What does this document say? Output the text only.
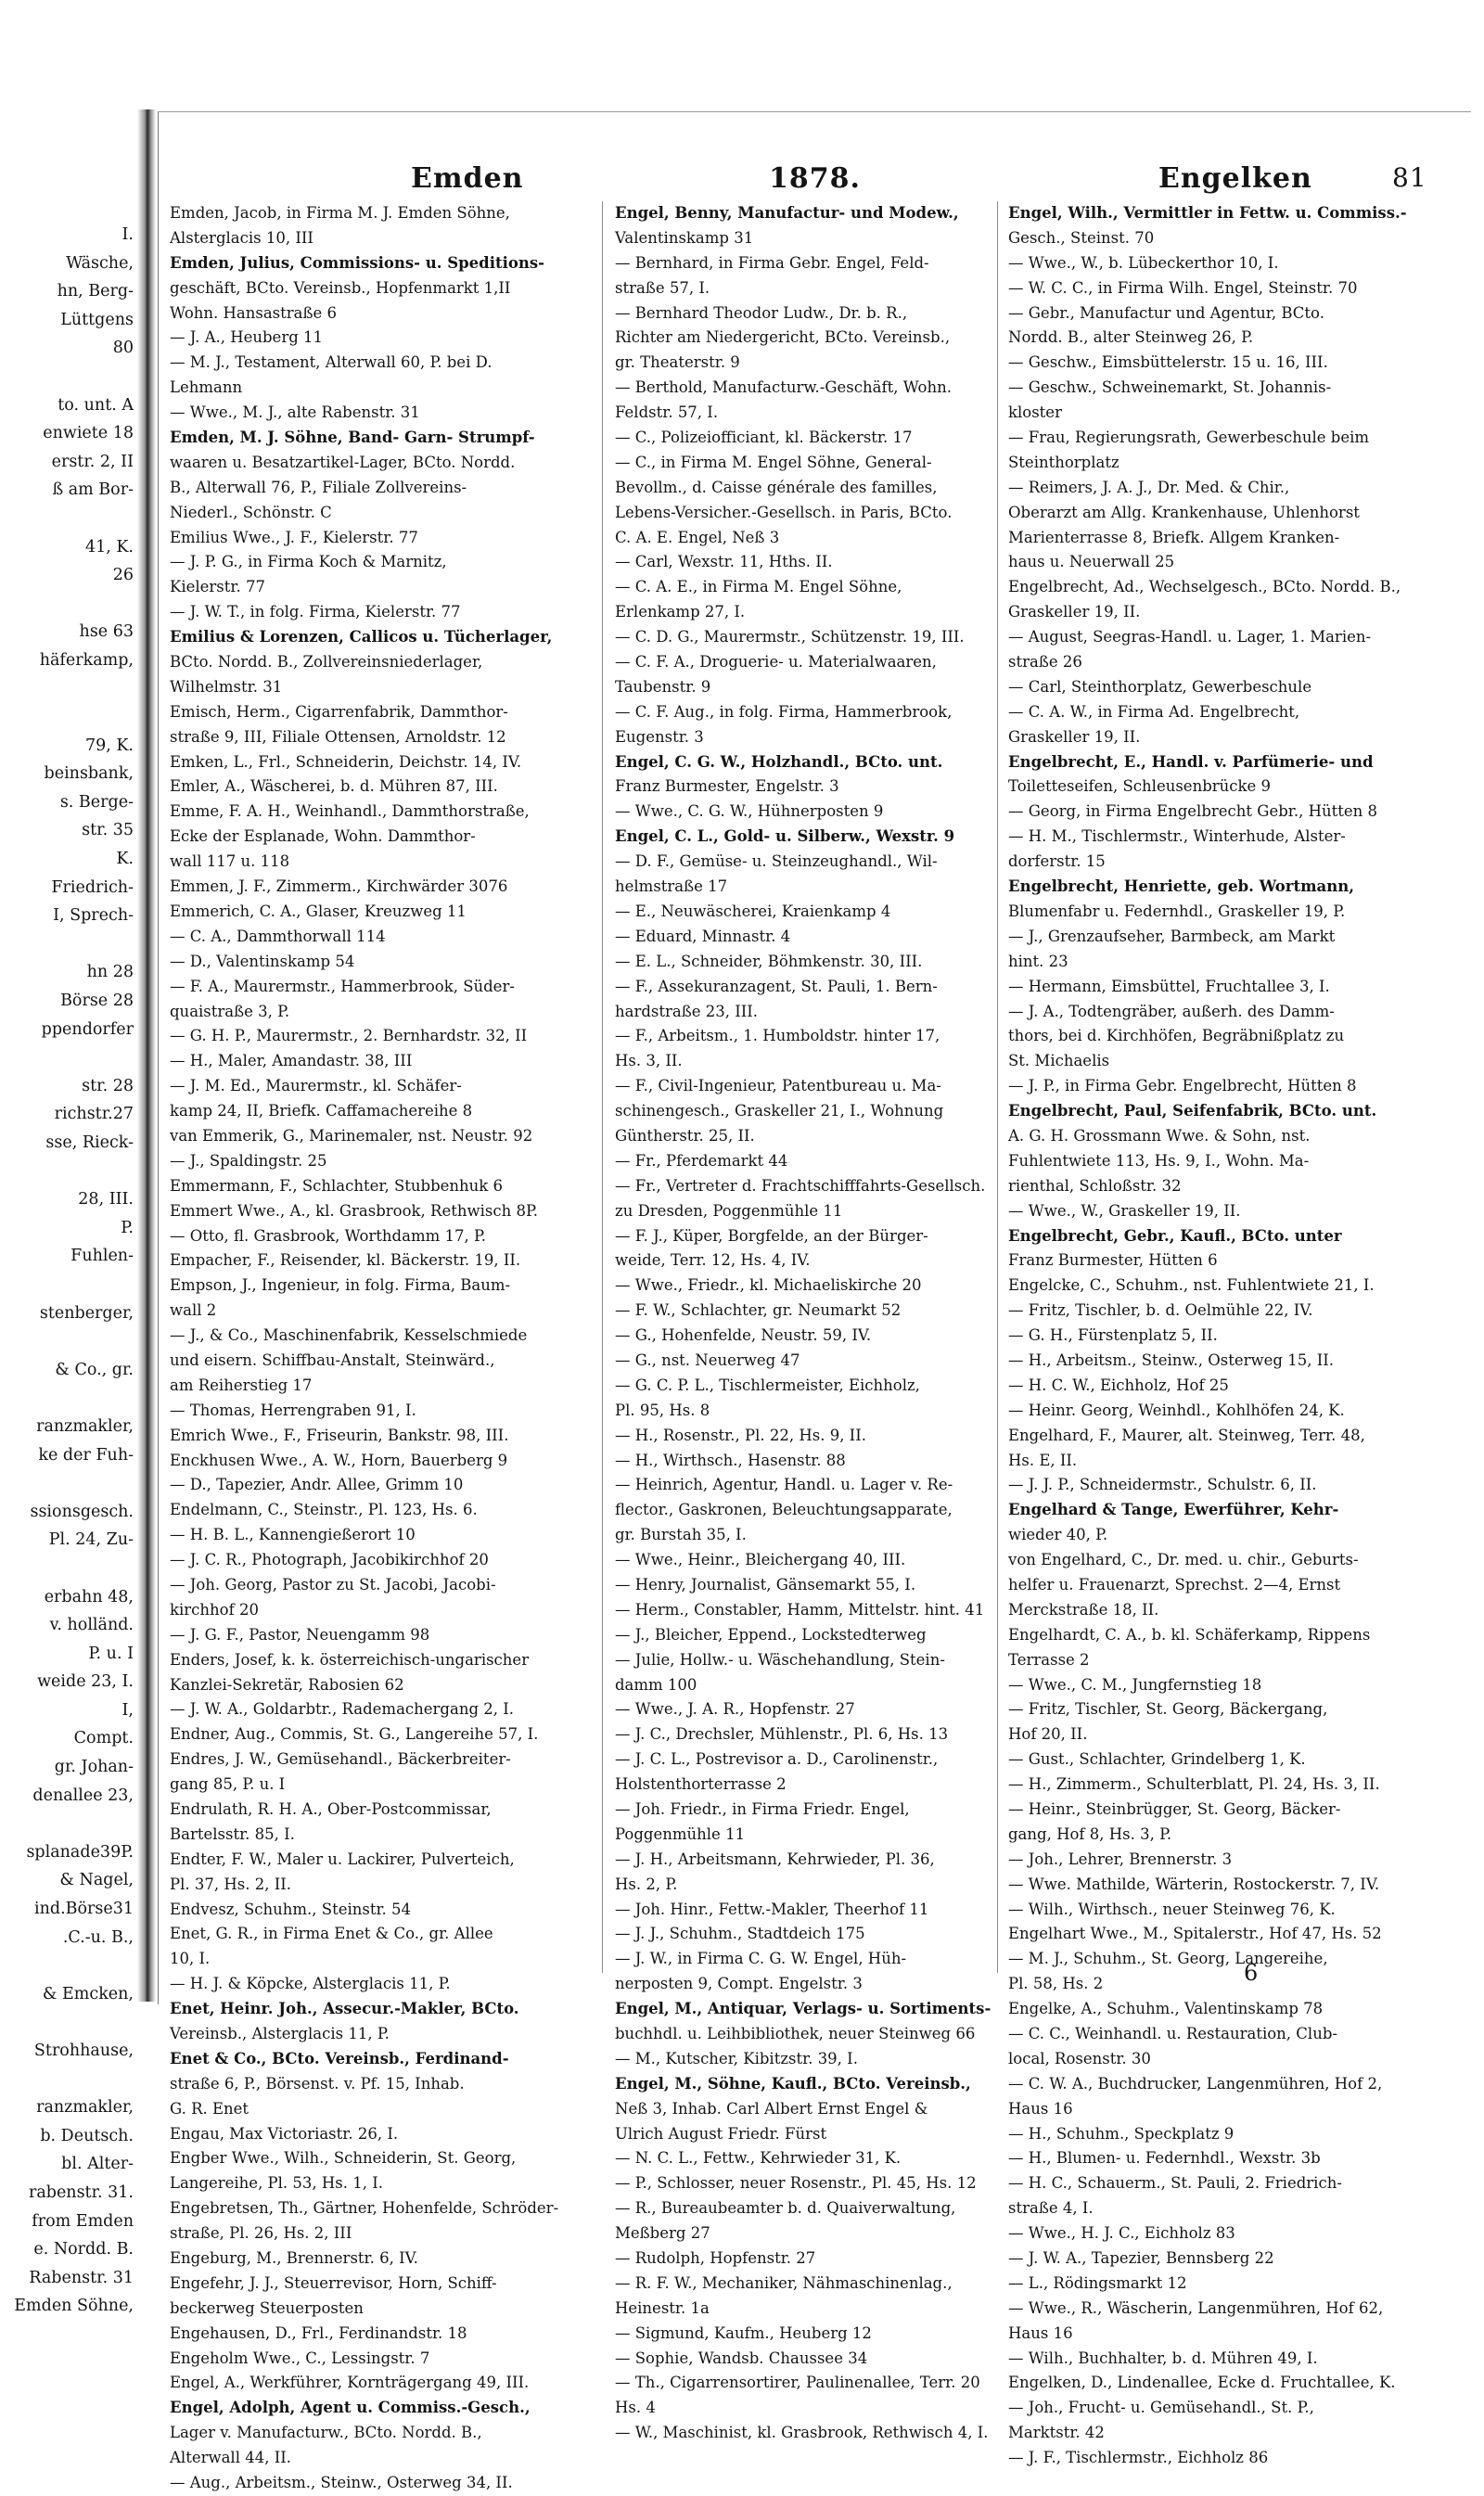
I.
Wäsche,
hn, Berg-
Lüttgens
80
to. unt. A
enwiete 18
erstr. 2, II
ß am Bor-
41, K.
26
hse 63
häferkamp,
79, K.
beinsbank,
s. Berge-
str. 35
K.
Friedrich-
I, Sprech-
hn 28
Börse 28
ppendorfer
str. 28
richstr.27
sse, Rieck-
28, III.
P.
Fuhlen-
stenberger,
& Co., gr.
ranzmakler,
ke der Fuh-
ssionsgesch.
Pl. 24, Zu-
erbahn 48,
v. holländ.
P. u. I
weide 23, I.
I,
Compt.
gr. Johan-
denallee 23,
splanade39P.
& Nagel,
ind.Börse31
.C.-u. B.,
& Emcken,
Strohhause,
ranzmakler,
b. Deutsch.
bl. Alter-
rabenstr. 31.
from Emden
e. Nordd. B.
Rabenstr. 31
Emden Söhne,
Emden	1878.	Engelken	81
Emden, Jacob, in Firma M. J. Emden Söhne,
Alsterglacis 10, III
Emden, Julius, Commissions- u. Speditions-
geschäft, BCto. Vereinsb., Hopfenmarkt 1,II
Wohn. Hansastraße 6
— J. A., Heuberg 11
— M. J., Testament, Alterwall 60, P. bei D.
Lehmann
— Wwe., M. J., alte Rabenstr. 31
Emden, M. J. Söhne, Band- Garn- Strumpf-
waaren u. Besatzartikel-Lager, BCto. Nordd.
B., Alterwall 76, P., Filiale Zollvereins-
Niederl., Schönstr. C
Emilius Wwe., J. F., Kielerstr. 77
— J. P. G., in Firma Koch & Marnitz,
Kielerstr. 77
— J. W. T., in folg. Firma, Kielerstr. 77
Emilius & Lorenzen, Callicos u. Tücherlager,
BCto. Nordd. B., Zollvereinsniederlager,
Wilhelmstr. 31
Emisch, Herm., Cigarrenfabrik, Dammthor-
straße 9, III, Filiale Ottensen, Arnoldstr. 12
Emken, L., Frl., Schneiderin, Deichstr. 14, IV.
Emler, A., Wäscherei, b. d. Mühren 87, III.
Emme, F. A. H., Weinhandl., Dammthorstraße,
Ecke der Esplanade, Wohn. Dammthor-
wall 117 u. 118
Emmen, J. F., Zimmerm., Kirchwärder 3076
Emmerich, C. A., Glaser, Kreuzweg 11
— C. A., Dammthorwall 114
— D., Valentinskamp 54
— F. A., Maurermstr., Hammerbrook, Süder-
quaistraße 3, P.
— G. H. P., Maurermstr., 2. Bernhardstr. 32, II
— H., Maler, Amandastr. 38, III
— J. M. Ed., Maurermstr., kl. Schäfer-
kamp 24, II, Briefk. Caffamachereihe 8
van Emmerik, G., Marinemaler, nst. Neustr. 92
— J., Spaldingstr. 25
Emmermann, F., Schlachter, Stubbenhuk 6
Emmert Wwe., A., kl. Grasbrook, Rethwisch 8P.
— Otto, fl. Grasbrook, Worthdamm 17, P.
Empacher, F., Reisender, kl. Bäckerstr. 19, II.
Empson, J., Ingenieur, in folg. Firma, Baum-
wall 2
— J., & Co., Maschinenfabrik, Kesselschmiede
und eisern. Schiffbau-Anstalt, Steinwärd.,
am Reiherstieg 17
— Thomas, Herrengraben 91, I.
Emrich Wwe., F., Friseurin, Bankstr. 98, III.
Enckhusen Wwe., A. W., Horn, Bauerberg 9
— D., Tapezier, Andr. Allee, Grimm 10
Endelmann, C., Steinstr., Pl. 123, Hs. 6.
— H. B. L., Kannengießerort 10
— J. C. R., Photograph, Jacobikirchhof 20
— Joh. Georg, Pastor zu St. Jacobi, Jacobi-
kirchhof 20
— J. G. F., Pastor, Neuengamm 98
Enders, Josef, k. k. österreichisch-ungarischer
Kanzlei-Sekretär, Rabosien 62
— J. W. A., Goldarbtr., Rademachergang 2, I.
Endner, Aug., Commis, St. G., Langereihe 57, I.
Endres, J. W., Gemüsehandl., Bäckerbreiter-
gang 85, P. u. I
Endrulath, R. H. A., Ober-Postcommissar,
Bartelsstr. 85, I.
Endter, F. W., Maler u. Lackirer, Pulverteich,
Pl. 37, Hs. 2, II.
Endvesz, Schuhm., Steinstr. 54
Enet, G. R., in Firma Enet & Co., gr. Allee
10, I.
— H. J. & Köpcke, Alsterglacis 11, P.
Enet, Heinr. Joh., Assecur.-Makler, BCto.
Vereinsb., Alsterglacis 11, P.
Enet & Co., BCto. Vereinsb., Ferdinand-
straße 6, P., Börsenst. v. Pf. 15, Inhab.
G. R. Enet
Engau, Max Victoriastr. 26, I.
Engber Wwe., Wilh., Schneiderin, St. Georg,
Langereihe, Pl. 53, Hs. 1, I.
Engebretsen, Th., Gärtner, Hohenfelde, Schröder-
straße, Pl. 26, Hs. 2, III
Engeburg, M., Brennerstr. 6, IV.
Engefehr, J. J., Steuerrevisor, Horn, Schiff-
beckerweg Steuerposten
Engehausen, D., Frl., Ferdinandstr. 18
Engeholm Wwe., C., Lessingstr. 7
Engel, A., Werkführer, Kornträgergang 49, III.
Engel, Adolph, Agent u. Commiss.-Gesch.,
Lager v. Manufacturw., BCto. Nordd. B.,
Alterwall 44, II.
— Aug., Arbeitsm., Steinw., Osterweg 34, II.
Engel, Benny, Manufactur- und Modew.,
Valentinskamp 31
— Bernhard, in Firma Gebr. Engel, Feld-
straße 57, I.
— Bernhard Theodor Ludw., Dr. b. R.,
Richter am Niedergericht, BCto. Vereinsb.,
gr. Theaterstr. 9
— Berthold, Manufacturw.-Geschäft, Wohn.
Feldstr. 57, I.
— C., Polizeiofficiant, kl. Bäckerstr. 17
— C., in Firma M. Engel Söhne, General-
Bevollm., d. Caisse générale des familles,
Lebens-Versicher.-Gesellsch. in Paris, BCto.
C. A. E. Engel, Neß 3
— Carl, Wexstr. 11, Hths. II.
— C. A. E., in Firma M. Engel Söhne,
Erlenkamp 27, I.
— C. D. G., Maurermstr., Schützenstr. 19, III.
— C. F. A., Droguerie- u. Materialwaaren,
Taubenstr. 9
— C. F. Aug., in folg. Firma, Hammerbrook,
Eugenstr. 3
Engel, C. G. W., Holzhandl., BCto. unt.
Franz Burmester, Engelstr. 3
— Wwe., C. G. W., Hühnerposten 9
Engel, C. L., Gold- u. Silberw., Wexstr. 9
— D. F., Gemüse- u. Steinzeughandl., Wil-
helmstraße 17
— E., Neuwäscherei, Kraienkamp 4
— Eduard, Minnastr. 4
— E. L., Schneider, Böhmkenstr. 30, III.
— F., Assekuranzagent, St. Pauli, 1. Bern-
hardstraße 23, III.
— F., Arbeitsm., 1. Humboldstr. hinter 17,
Hs. 3, II.
— F., Civil-Ingenieur, Patentbureau u. Ma-
schinengesch., Graskeller 21, I., Wohnung
Güntherstr. 25, II.
— Fr., Pferdemarkt 44
— Fr., Vertreter d. Frachtschifffahrts-Gesellsch.
zu Dresden, Poggenmühle 11
— F. J., Küper, Borgfelde, an der Bürger-
weide, Terr. 12, Hs. 4, IV.
— Wwe., Friedr., kl. Michaeliskirche 20
— F. W., Schlachter, gr. Neumarkt 52
— G., Hohenfelde, Neustr. 59, IV.
— G., nst. Neuerweg 47
— G. C. P. L., Tischlermeister, Eichholz,
Pl. 95, Hs. 8
— H., Rosenstr., Pl. 22, Hs. 9, II.
— H., Wirthsch., Hasenstr. 88
— Heinrich, Agentur, Handl. u. Lager v. Re-
flector., Gaskronen, Beleuchtungsapparate,
gr. Burstah 35, I.
— Wwe., Heinr., Bleichergang 40, III.
— Henry, Journalist, Gänsemarkt 55, I.
— Herm., Constabler, Hamm, Mittelstr. hint. 41
— J., Bleicher, Eppend., Lockstedterweg
— Julie, Hollw.- u. Wäschehandlung, Stein-
damm 100
— Wwe., J. A. R., Hopfenstr. 27
— J. C., Drechsler, Mühlenstr., Pl. 6, Hs. 13
— J. C. L., Postrevisor a. D., Carolinenstr.,
Holstenthorterrasse 2
— Joh. Friedr., in Firma Friedr. Engel,
Poggenmühle 11
— J. H., Arbeitsmann, Kehrwieder, Pl. 36,
Hs. 2, P.
— Joh. Hinr., Fettw.-Makler, Theerhof 11
— J. J., Schuhm., Stadtdeich 175
— J. W., in Firma C. G. W. Engel, Hüh-
nerposten 9, Compt. Engelstr. 3
Engel, M., Antiquar, Verlags- u. Sortiments-
buchhdl. u. Leihbibliothek, neuer Steinweg 66
— M., Kutscher, Kibitzstr. 39, I.
Engel, M., Söhne, Kaufl., BCto. Vereinsb.,
Neß 3, Inhab. Carl Albert Ernst Engel &
Ulrich August Friedr. Fürst
— N. C. L., Fettw., Kehrwieder 31, K.
— P., Schlosser, neuer Rosenstr., Pl. 45, Hs. 12
— R., Bureaubeamter b. d. Quaiverwaltung,
Meßberg 27
— Rudolph, Hopfenstr. 27
— R. F. W., Mechaniker, Nähmaschinenlag.,
Heinestr. 1a
— Sigmund, Kaufm., Heuberg 12
— Sophie, Wandsb. Chaussee 34
— Th., Cigarrensortirer, Paulinenallee, Terr. 20
Hs. 4
— W., Maschinist, kl. Grasbrook, Rethwisch 4, I.
Engel, Wilh., Vermittler in Fettw. u. Commiss.-
Gesch., Steinst. 70
— Wwe., W., b. Lübeckerthor 10, I.
— W. C. C., in Firma Wilh. Engel, Steinstr. 70
— Gebr., Manufactur und Agentur, BCto.
Nordd. B., alter Steinweg 26, P.
— Geschw., Eimsbüttelerstr. 15 u. 16, III.
— Geschw., Schweinemarkt, St. Johannis-
kloster
— Frau, Regierungsrath, Gewerbeschule beim
Steinthorplatz
— Reimers, J. A. J., Dr. Med. & Chir.,
Oberarzt am Allg. Krankenhause, Uhlenhorst
Marienterrasse 8, Briefk. Allgem Kranken-
haus u. Neuerwall 25
Engelbrecht, Ad., Wechselgesch., BCto. Nordd. B.,
Graskeller 19, II.
— August, Seegras-Handl. u. Lager, 1. Marien-
straße 26
— Carl, Steinthorplatz, Gewerbeschule
— C. A. W., in Firma Ad. Engelbrecht,
Graskeller 19, II.
Engelbrecht, E., Handl. v. Parfümerie- und
Toiletteseifen, Schleusenbrücke 9
— Georg, in Firma Engelbrecht Gebr., Hütten 8
— H. M., Tischlermstr., Winterhude, Alster-
dorferstr. 15
Engelbrecht, Henriette, geb. Wortmann,
Blumenfabr u. Federnhdl., Graskeller 19, P.
— J., Grenzaufseher, Barmbeck, am Markt
hint. 23
— Hermann, Eimsbüttel, Fruchtallee 3, I.
— J. A., Todtengräber, außerh. des Damm-
thors, bei d. Kirchhöfen, Begräbnißplatz zu
St. Michaelis
— J. P., in Firma Gebr. Engelbrecht, Hütten 8
Engelbrecht, Paul, Seifenfabrik, BCto. unt.
A. G. H. Grossmann Wwe. & Sohn, nst.
Fuhlentwiete 113, Hs. 9, I., Wohn. Ma-
rienthal, Schloßstr. 32
— Wwe., W., Graskeller 19, II.
Engelbrecht, Gebr., Kaufl., BCto. unter
Franz Burmester, Hütten 6
Engelcke, C., Schuhm., nst. Fuhlentwiete 21, I.
— Fritz, Tischler, b. d. Oelmühle 22, IV.
— G. H., Fürstenplatz 5, II.
— H., Arbeitsm., Steinw., Osterweg 15, II.
— H. C. W., Eichholz, Hof 25
— Heinr. Georg, Weinhdl., Kohlhöfen 24, K.
Engelhard, F., Maurer, alt. Steinweg, Terr. 48,
Hs. E, II.
— J. J. P., Schneidermstr., Schulstr. 6, II.
Engelhard & Tange, Ewerführer, Kehr-
wieder 40, P.
von Engelhard, C., Dr. med. u. chir., Geburts-
helfer u. Frauenarzt, Sprechst. 2—4, Ernst
Merckstraße 18, II.
Engelhardt, C. A., b. kl. Schäferkamp, Rippens
Terrasse 2
— Wwe., C. M., Jungfernstieg 18
— Fritz, Tischler, St. Georg, Bäckergang,
Hof 20, II.
— Gust., Schlachter, Grindelberg 1, K.
— H., Zimmerm., Schulterblatt, Pl. 24, Hs. 3, II.
— Heinr., Steinbrügger, St. Georg, Bäcker-
gang, Hof 8, Hs. 3, P.
— Joh., Lehrer, Brennerstr. 3
— Wwe. Mathilde, Wärterin, Rostockerstr. 7, IV.
— Wilh., Wirthsch., neuer Steinweg 76, K.
Engelhart Wwe., M., Spitalerstr., Hof 47, Hs. 52
— M. J., Schuhm., St. Georg, Langereihe,
Pl. 58, Hs. 2
Engelke, A., Schuhm., Valentinskamp 78
— C. C., Weinhandl. u. Restauration, Club-
local, Rosenstr. 30
— C. W. A., Buchdrucker, Langenmühren, Hof 2,
Haus 16
— H., Schuhm., Speckplatz 9
— H., Blumen- u. Federnhdl., Wexstr. 3b
— H. C., Schauerm., St. Pauli, 2. Friedrich-
straße 4, I.
— Wwe., H. J. C., Eichholz 83
— J. W. A., Tapezier, Bennsberg 22
— L., Rödingsmarkt 12
— Wwe., R., Wäscherin, Langenmühren, Hof 62,
Haus 16
— Wilh., Buchhalter, b. d. Mühren 49, I.
Engelken, D., Lindenallee, Ecke d. Fruchtallee, K.
— Joh., Frucht- u. Gemüsehandl., St. P.,
Marktstr. 42
— J. F., Tischlermstr., Eichholz 86
6
